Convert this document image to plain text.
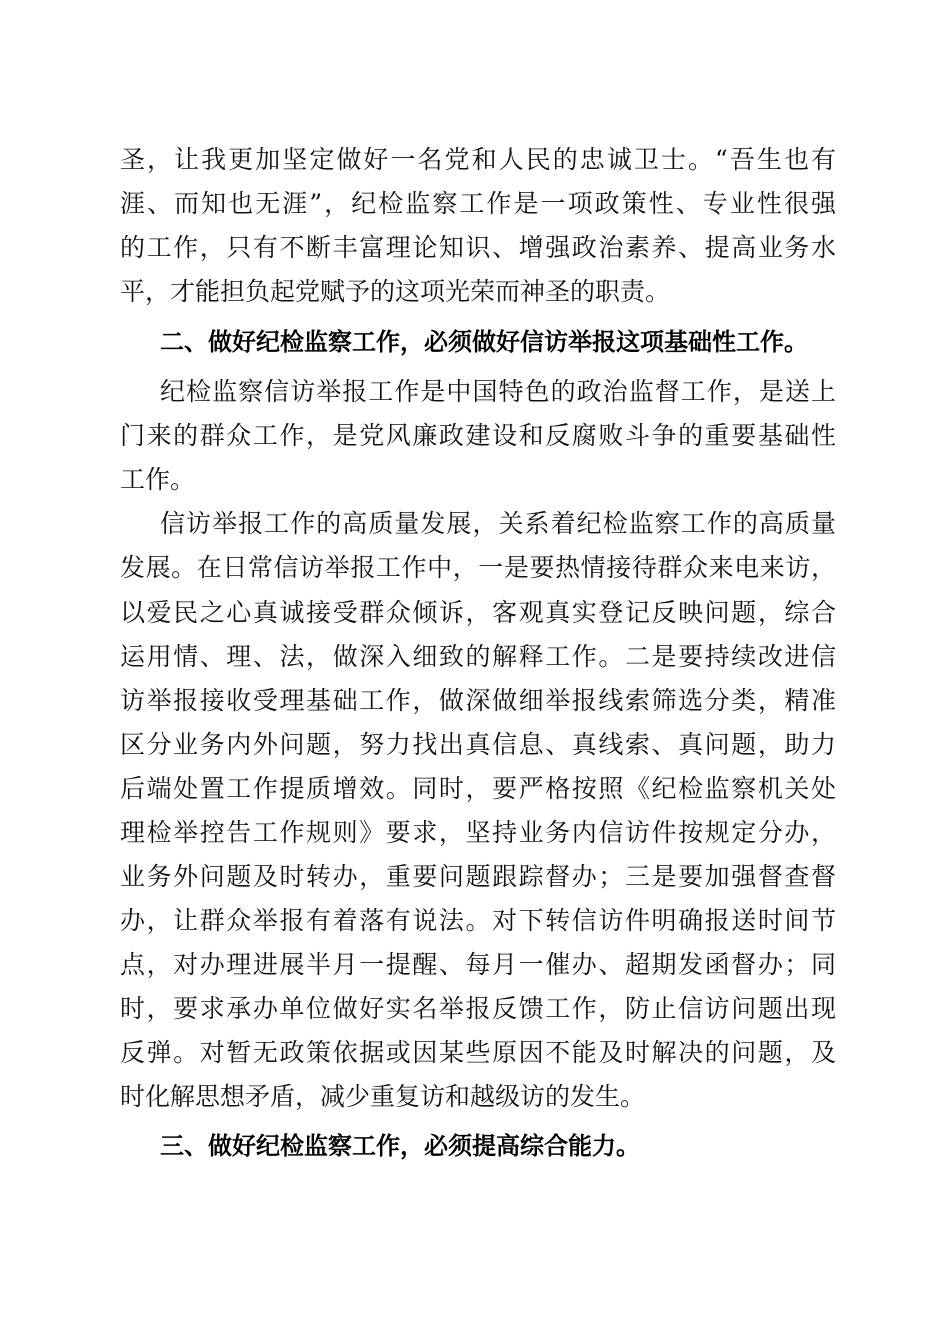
圣，让我更加坚定做好一名党和人民的忠诚卫士。“吾生也有
涯、而知也无涯”，纪检监察工作是一项政策性、专业性很强
的工作，只有不断丰富理论知识、增强政治素养、提高业务水
平，才能担负起党赋予的这项光荣而神圣的职责。
二、做好纪检监察工作，必须做好信访举报这项基础性工作。
纪检监察信访举报工作是中国特色的政治监督工作，是送上
门来的群众工作，是党风廉政建设和反腐败斗争的重要基础性
工作。
信访举报工作的高质量发展，关系着纪检监察工作的高质量
发展。在日常信访举报工作中，一是要热情接待群众来电来访，
以爱民之心真诚接受群众倾诉，客观真实登记反映问题，综合
运用情、理、法，做深入细致的解释工作。二是要持续改进信
访举报接收受理基础工作，做深做细举报线索筛选分类，精准
区分业务内外问题，努力找出真信息、真线索、真问题，助力
后端处置工作提质增效。同时，要严格按照《纪检监察机关处
理检举控告工作规则》要求，坚持业务内信访件按规定分办，
业务外问题及时转办，重要问题跟踪督办；三是要加强督查督
办，让群众举报有着落有说法。对下转信访件明确报送时间节
点，对办理进展半月一提醒、每月一催办、超期发函督办；同
时，要求承办单位做好实名举报反馈工作，防止信访问题出现
反弹。对暂无政策依据或因某些原因不能及时解决的问题，及
时化解思想矛盾，减少重复访和越级访的发生。
三、做好纪检监察工作，必须提高综合能力。
